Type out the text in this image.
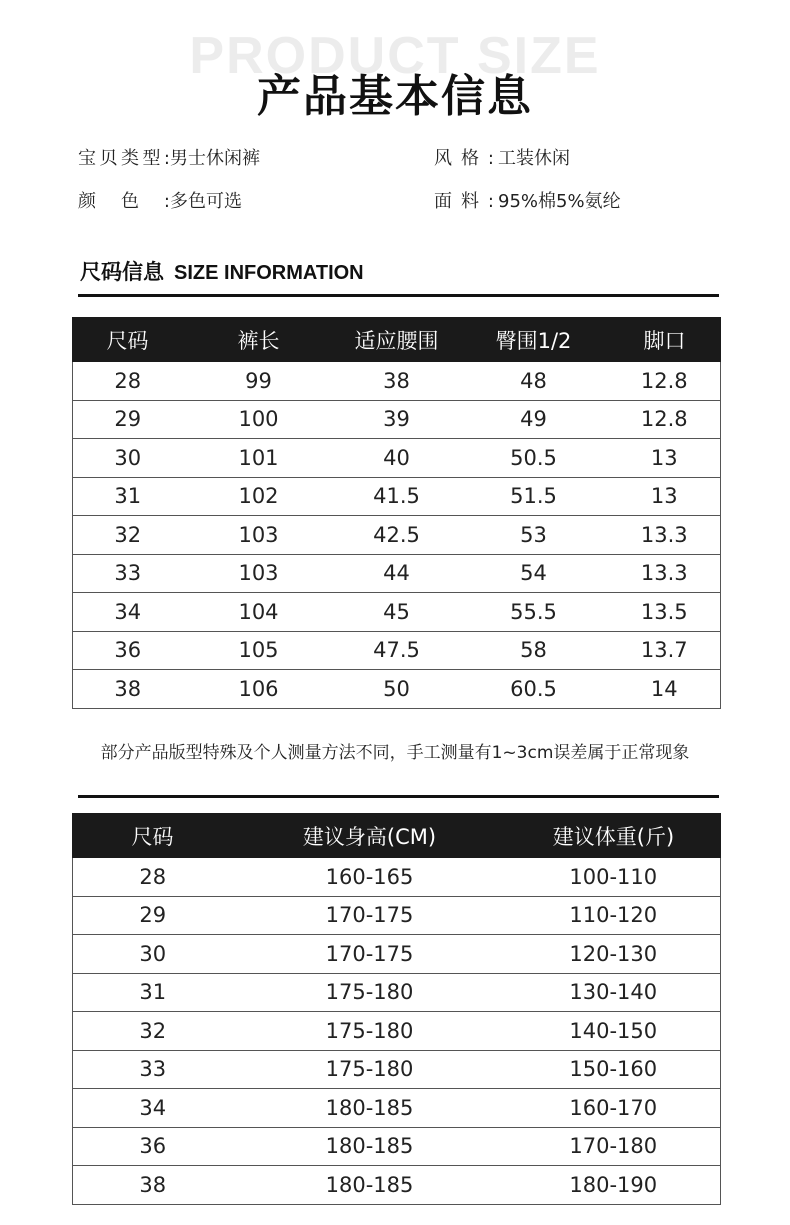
PRODUCT SIZE
产品基本信息
宝贝类型:男士休闲裤	风格: 工装休闲
颜色:多色可选	面料: 95%棉5%氨纶
尺码信息 SIZE INFORMATION
尺码	裤长	适应腰围	臀围1/2	脚口
28	99	38	48	12.8
29	100	39	49	12.8
30	101	40	50.5	13
31	102	41.5	51.5	13
32	103	42.5	53	13.3
33	103	44	54	13.3
34	104	45	55.5	13.5
36	105	47.5	58	13.7
38	106	50	60.5	14
部分产品版型特殊及个人测量方法不同，手工测量有1~3cm误差属于正常现象
尺码	建议身高(CM)	建议体重(斤)
28	160-165	100-110
29	170-175	110-120
30	170-175	120-130
31	175-180	130-140
32	175-180	140-150
33	175-180	150-160
34	180-185	160-170
36	180-185	170-180
38	180-185	180-190
